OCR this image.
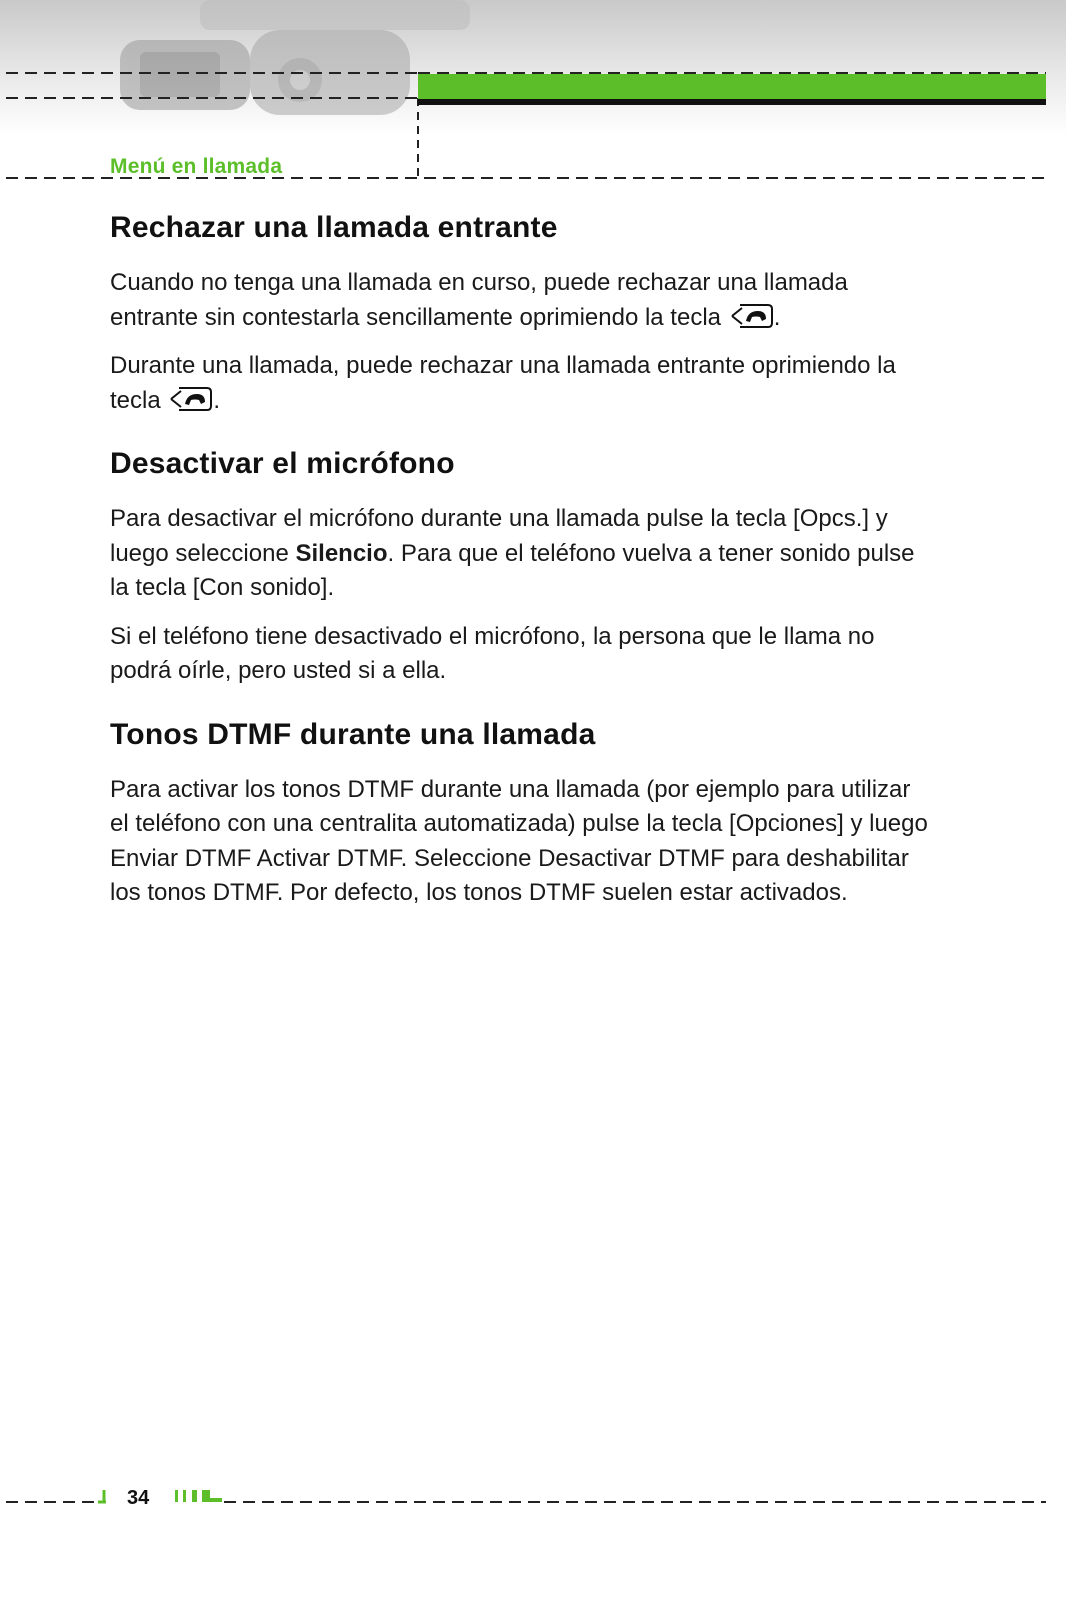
Menú en llamada

Rechazar una llamada entrante

Cuando no tenga una llamada en curso, puede rechazar una llamada entrante sin contestarla sencillamente oprimiendo la tecla .

Durante una llamada, puede rechazar una llamada entrante oprimiendo la tecla .

Desactivar el micrófono

Para desactivar el micrófono durante una llamada pulse la tecla [Opcs.] y luego seleccione Silencio. Para que el teléfono vuelva a tener sonido pulse la tecla [Con sonido].

Si el teléfono tiene desactivado el micrófono, la persona que le llama no podrá oírle, pero usted si a ella.

Tonos DTMF durante una llamada

Para activar los tonos DTMF durante una llamada (por ejemplo para utilizar el teléfono con una centralita automatizada) pulse la tecla [Opciones] y luego Enviar DTMF Activar DTMF. Seleccione Desactivar DTMF para deshabilitar los tonos DTMF. Por defecto, los tonos DTMF suelen estar activados.

34
